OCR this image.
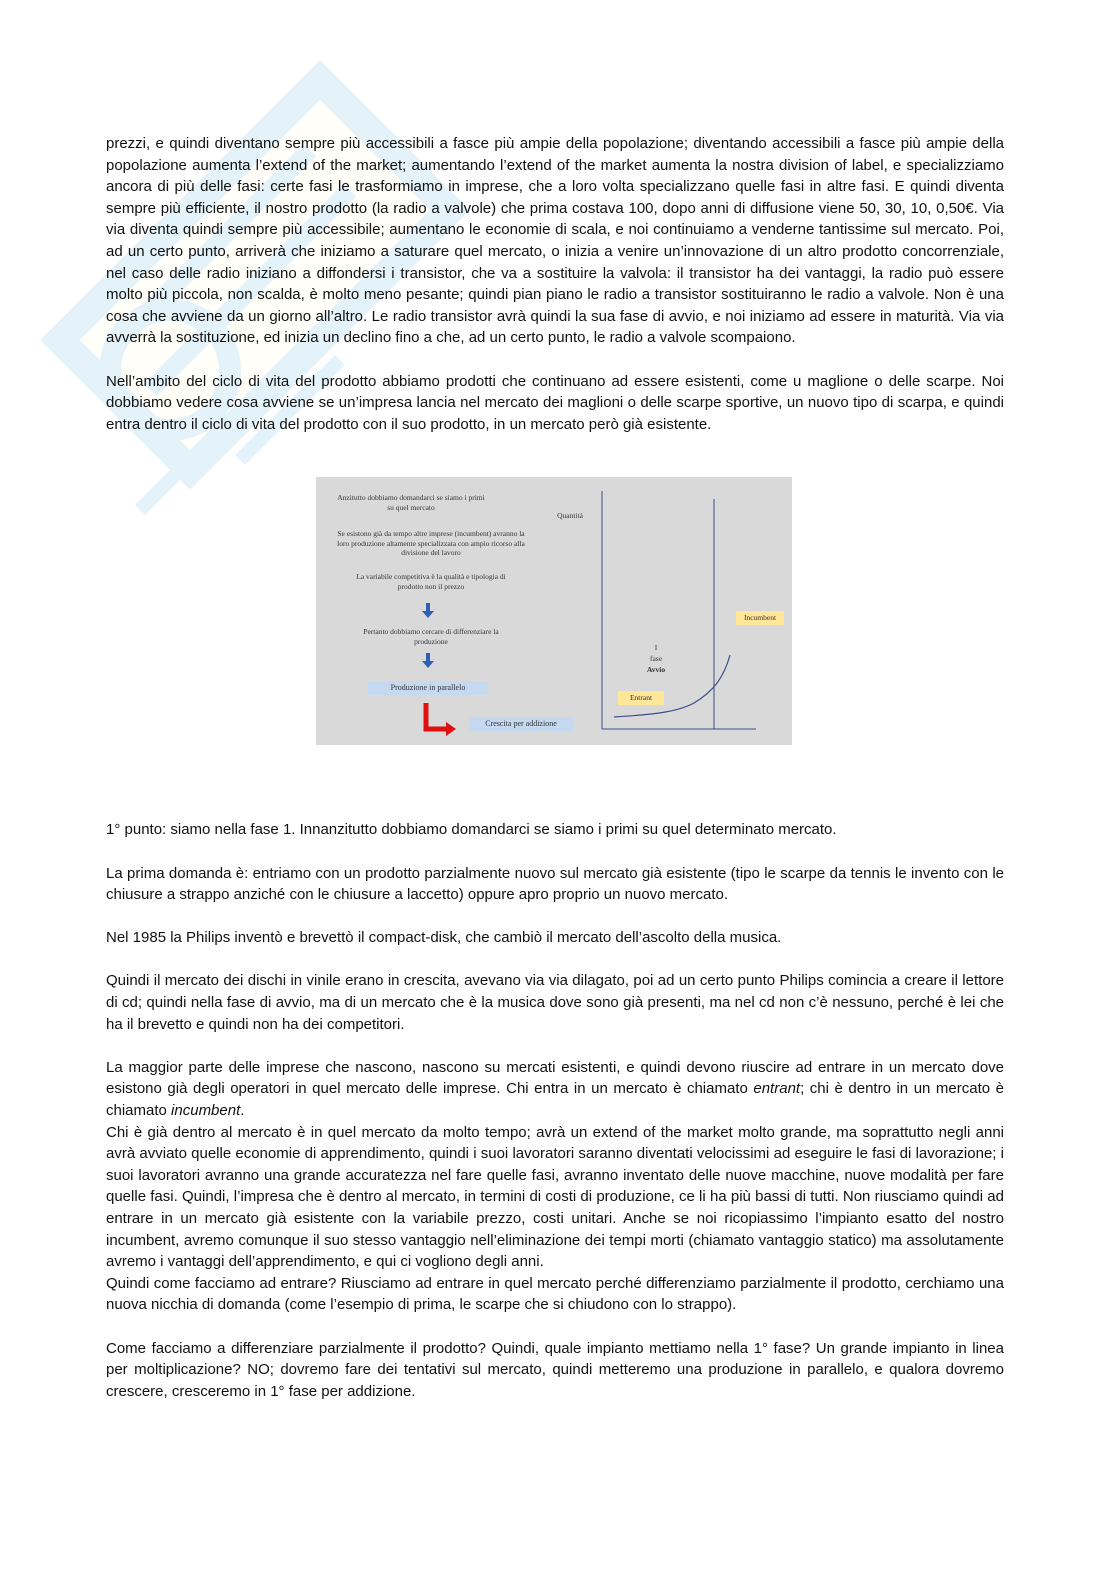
prezzi, e quindi diventano sempre più accessibili a fasce più ampie della popolazione; diventando accessibili a fasce più ampie della popolazione aumenta l’extend of the market; aumentando l’extend of the market aumenta la nostra division of label, e specializziamo ancora di più delle fasi: certe fasi le trasformiamo in imprese, che a loro volta specializzano quelle fasi in altre fasi. E quindi diventa sempre più efficiente, il nostro prodotto (la radio a valvole) che prima costava 100, dopo anni di diffusione viene 50, 30, 10, 0,50€. Via via diventa quindi sempre più accessibile; aumentano le economie di scala, e noi continuiamo a venderne tantissime sul mercato. Poi, ad un certo punto, arriverà che iniziamo a saturare quel mercato, o inizia a venire un’innovazione di un altro prodotto concorrenziale, nel caso delle radio iniziano a diffondersi i transistor, che va a sostituire la valvola: il transistor ha dei vantaggi, la radio può essere molto più piccola, non scalda, è molto meno pesante; quindi pian piano le radio a transistor sostituiranno le radio a valvole. Non è una cosa che avviene da un giorno all’altro. Le radio transistor avrà quindi la sua fase di avvio, e noi iniziamo ad essere in maturità. Via via avverrà la sostituzione, ed inizia un declino fino a che, ad un certo punto, le radio a valvole scompaiono.

Nell’ambito del ciclo di vita del prodotto abbiamo prodotti che continuano ad essere esistenti, come u maglione o delle scarpe. Noi dobbiamo vedere cosa avviene se un’impresa lancia nel mercato dei maglioni o delle scarpe sportive, un nuovo tipo di scarpa, e quindi entra dentro il ciclo di vita del prodotto con il suo prodotto, in un mercato però già esistente.

Anzitutto dobbiamo domandarci se siamo i primi su quel mercato
Se esistono già da tempo altre imprese (incumbent) avranno la loro produzione altamente specializzata con ampio ricorso alla divisione del lavoro
La variabile competitiva è la qualità e tipologia di prodotto non il prezzo
Pertanto dobbiamo cercare di differenziare la produzione
Produzione in parallelo
Crescita per addizione
Quantità
Incumbent
Entrant
I
fase
Avvio

1° punto: siamo nella fase 1. Innanzitutto dobbiamo domandarci se siamo i primi su quel determinato mercato.

La prima domanda è: entriamo con un prodotto parzialmente nuovo sul mercato già esistente (tipo le scarpe da tennis le invento con le chiusure a strappo anziché con le chiusure a laccetto) oppure apro proprio un nuovo mercato.

Nel 1985 la Philips inventò e brevettò il compact-disk, che cambiò il mercato dell’ascolto della musica.

Quindi il mercato dei dischi in vinile erano in crescita, avevano via via dilagato, poi ad un certo punto Philips comincia a creare il lettore di cd; quindi nella fase di avvio, ma di un mercato che è la musica dove sono già presenti, ma nel cd non c’è nessuno, perché è lei che ha il brevetto e quindi non ha dei competitori.

La maggior parte delle imprese che nascono, nascono su mercati esistenti, e quindi devono riuscire ad entrare in un mercato dove esistono già degli operatori in quel mercato delle imprese. Chi entra in un mercato è chiamato entrant; chi è dentro in un mercato è chiamato incumbent.

Chi è già dentro al mercato è in quel mercato da molto tempo; avrà un extend of the market molto grande, ma soprattutto negli anni avrà avviato quelle economie di apprendimento, quindi i suoi lavoratori saranno diventati velocissimi ad eseguire le fasi di lavorazione; i suoi lavoratori avranno una grande accuratezza nel fare quelle fasi, avranno inventato delle nuove macchine, nuove modalità per fare quelle fasi. Quindi, l’impresa che è dentro al mercato, in termini di costi di produzione, ce li ha più bassi di tutti. Non riusciamo quindi ad entrare in un mercato già esistente con la variabile prezzo, costi unitari. Anche se noi ricopiassimo l’impianto esatto del nostro incumbent, avremo comunque il suo stesso vantaggio nell’eliminazione dei tempi morti (chiamato vantaggio statico) ma assolutamente avremo i vantaggi dell’apprendimento, e qui ci vogliono degli anni.

Quindi come facciamo ad entrare? Riusciamo ad entrare in quel mercato perché differenziamo parzialmente il prodotto, cerchiamo una nuova nicchia di domanda (come l’esempio di prima, le scarpe che si chiudono con lo strappo).

Come facciamo a differenziare parzialmente il prodotto? Quindi, quale impianto mettiamo nella 1° fase? Un grande impianto in linea per moltiplicazione? NO; dovremo fare dei tentativi sul mercato, quindi metteremo una produzione in parallelo, e qualora dovremo crescere, cresceremo in 1° fase per addizione.
